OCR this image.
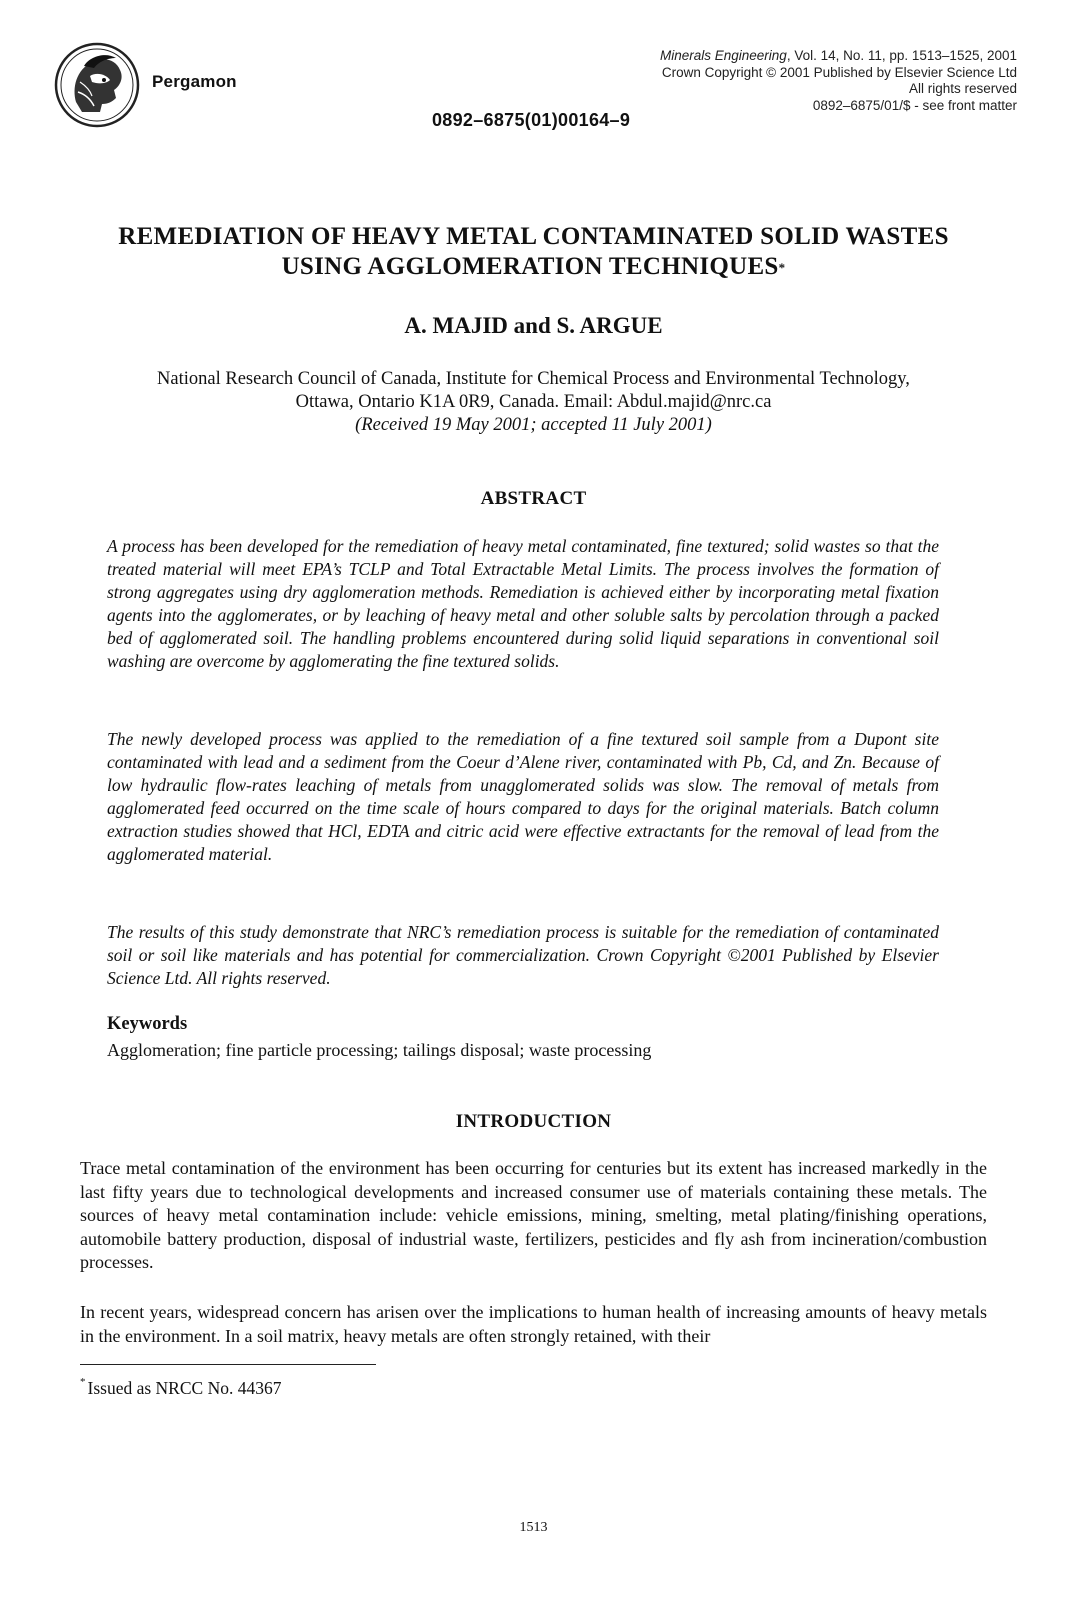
Pergamon
Minerals Engineering, Vol. 14, No. 11, pp. 1513–1525, 2001
Crown Copyright © 2001 Published by Elsevier Science Ltd
All rights reserved
0892–6875/01/$ - see front matter
0892–6875(01)00164–9
REMEDIATION OF HEAVY METAL CONTAMINATED SOLID WASTES
USING AGGLOMERATION TECHNIQUES*
A. MAJID and S. ARGUE
National Research Council of Canada, Institute for Chemical Process and Environmental Technology,
Ottawa, Ontario K1A 0R9, Canada. Email: Abdul.majid@nrc.ca
(Received 19 May 2001; accepted 11 July 2001)
ABSTRACT
A process has been developed for the remediation of heavy metal contaminated, fine textured; solid wastes so that the treated material will meet EPA’s TCLP and Total Extractable Metal Limits. The process involves the formation of strong aggregates using dry agglomeration methods. Remediation is achieved either by incorporating metal fixation agents into the agglomerates, or by leaching of heavy metal and other soluble salts by percolation through a packed bed of agglomerated soil. The handling problems encountered during solid liquid separations in conventional soil washing are overcome by agglomerating the fine textured solids.
The newly developed process was applied to the remediation of a fine textured soil sample from a Dupont site contaminated with lead and a sediment from the Coeur d’Alene river, contaminated with Pb, Cd, and Zn. Because of low hydraulic flow-rates leaching of metals from unagglomerated solids was slow. The removal of metals from agglomerated feed occurred on the time scale of hours compared to days for the original materials. Batch column extraction studies showed that HCl, EDTA and citric acid were effective extractants for the removal of lead from the agglomerated material.
The results of this study demonstrate that NRC’s remediation process is suitable for the remediation of contaminated soil or soil like materials and has potential for commercialization. Crown Copyright ©2001 Published by Elsevier Science Ltd. All rights reserved.
Keywords
Agglomeration; fine particle processing; tailings disposal; waste processing
INTRODUCTION
Trace metal contamination of the environment has been occurring for centuries but its extent has increased markedly in the last fifty years due to technological developments and increased consumer use of materials containing these metals. The sources of heavy metal contamination include: vehicle emissions, mining, smelting, metal plating/finishing operations, automobile battery production, disposal of industrial waste, fertilizers, pesticides and fly ash from incineration/combustion processes.
In recent years, widespread concern has arisen over the implications to human health of increasing amounts of heavy metals in the environment. In a soil matrix, heavy metals are often strongly retained, with their
* Issued as NRCC No. 44367
1513
